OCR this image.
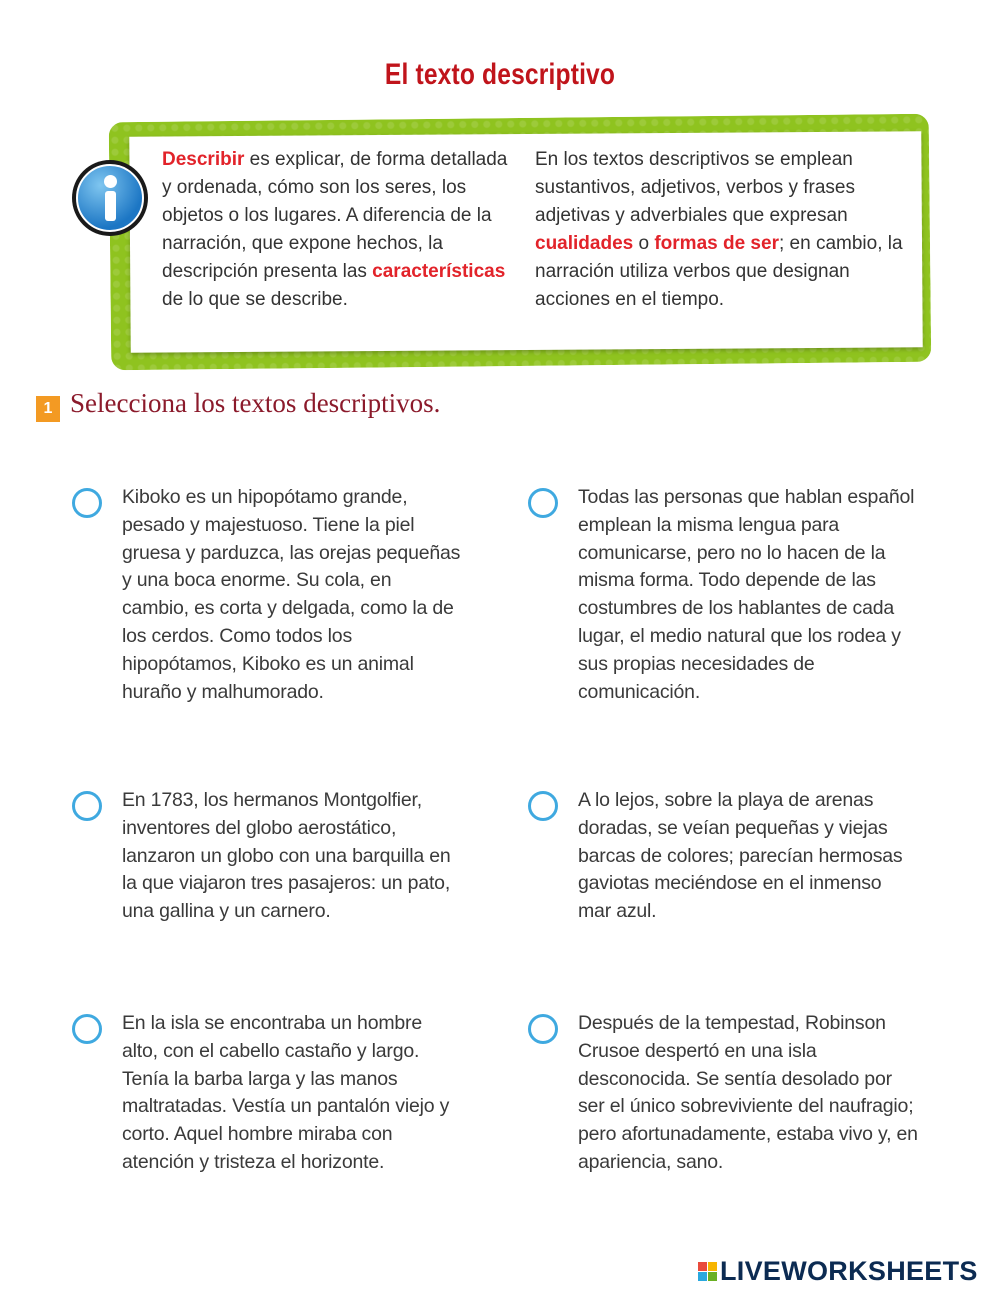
El texto descriptivo
Describir es explicar, de forma detallada y ordenada, cómo son los seres, los objetos o los lugares. A diferencia de la narración, que expone hechos, la descripción presenta las características de lo que se describe.
En los textos descriptivos se emplean sustantivos, adjetivos, verbos y frases adjetivas y adverbiales que expresan cualidades o formas de ser; en cambio, la narración utiliza verbos que designan acciones en el tiempo.
1 Selecciona los textos descriptivos.
Kiboko es un hipopótamo grande, pesado y majestuoso. Tiene la piel gruesa y parduzca, las orejas pequeñas y una boca enorme. Su cola, en cambio, es corta y delgada, como la de los cerdos. Como todos los hipopótamos, Kiboko es un animal huraño y malhumorado.
Todas las personas que hablan español emplean la misma lengua para comunicarse, pero no lo hacen de la misma forma. Todo depende de las costumbres de los hablantes de cada lugar, el medio natural que los rodea y sus propias necesidades de comunicación.
En 1783, los hermanos Montgolfier, inventores del globo aerostático, lanzaron un globo con una barquilla en la que viajaron tres pasajeros: un pato, una gallina y un carnero.
A lo lejos, sobre la playa de arenas doradas, se veían pequeñas y viejas barcas de colores; parecían hermosas gaviotas meciéndose en el inmenso mar azul.
En la isla se encontraba un hombre alto, con el cabello castaño y largo. Tenía la barba larga y las manos maltratadas. Vestía un pantalón viejo y corto. Aquel hombre miraba con atención y tristeza el horizonte.
Después de la tempestad, Robinson Crusoe despertó en una isla desconocida. Se sentía desolado por ser el único sobreviviente del naufragio; pero afortunadamente, estaba vivo y, en apariencia, sano.
LIVEWORKSHEETS
